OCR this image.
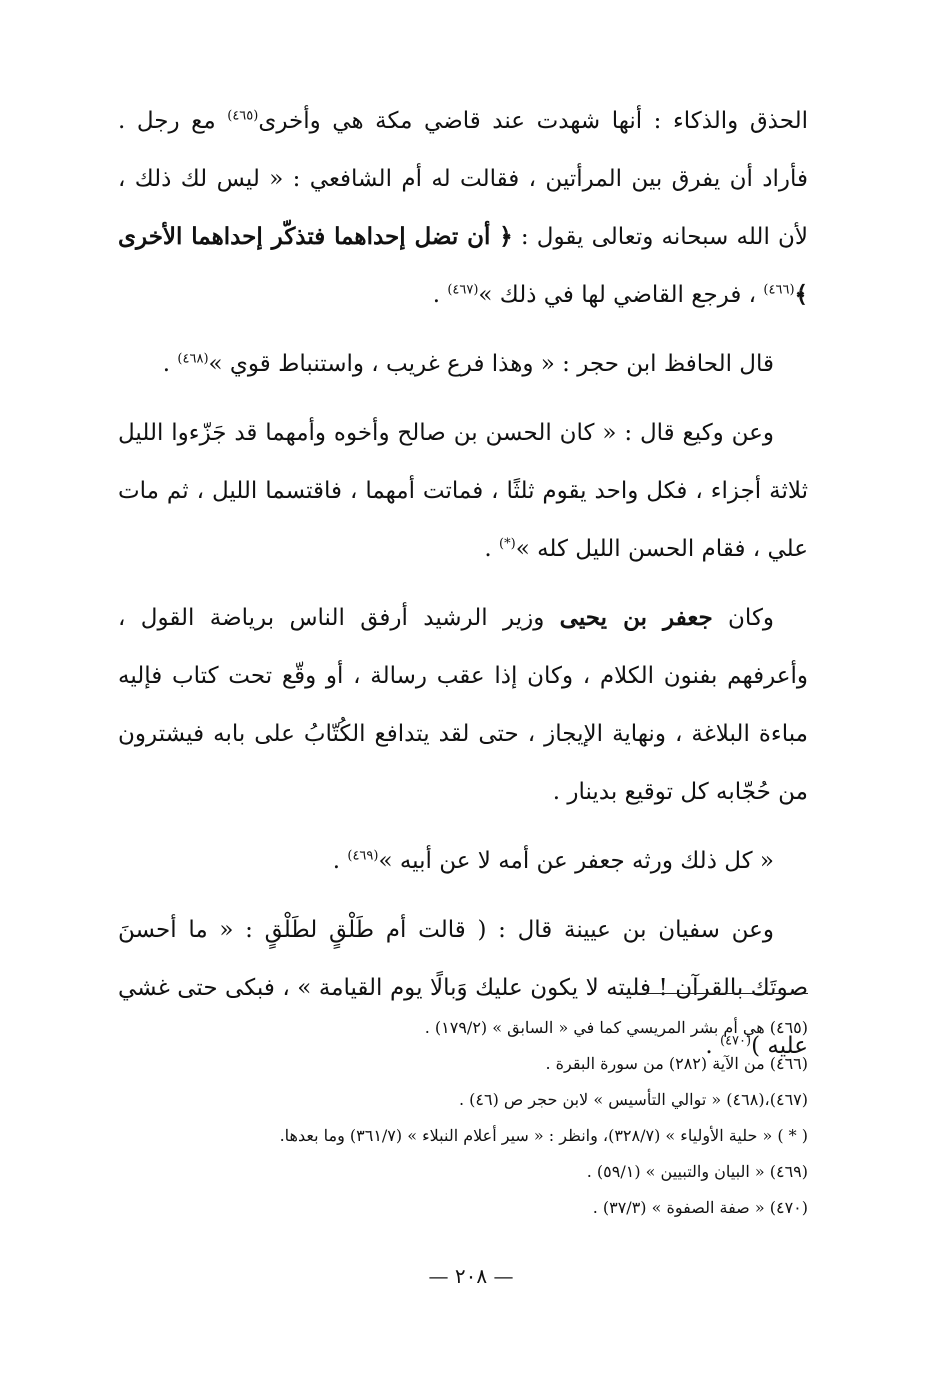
الحذق والذكاء : أنها شهدت عند قاضي مكة هي وأخرى$^{(٤٦٥)}$ مع رجل . فأراد أن يفرق بين المرأتين ، فقالت له أم الشافعي : « ليس لك ذلك ، لأن الله سبحانه وتعالى يقول : ﴿ أن تضل إحداهما فتذكّر إحداهما الأخرى ﴾$^{(٤٦٦)}$ ، فرجع القاضي لها في ذلك »$^{(٤٦٧)}$ .

قال الحافظ ابن حجر : « وهذا فرع غريب ، واستنباط قوي »$^{(٤٦٨)}$ .

وعن وكيع قال : « كان الحسن بن صالح وأخوه وأمهما قد جَزّءوا الليل ثلاثة أجزاء ، فكل واحد يقوم ثلثًا ، فماتت أمهما ، فاقتسما الليل ، ثم مات علي ، فقام الحسن الليل كله »(*) .

وكان جعفر بن يحيى وزير الرشيد أرفق الناس برياضة القول ، وأعرفهم بفنون الكلام ، وكان إذا عقب رسالة ، أو وقّع تحت كتاب فإليه مباءة البلاغة ، ونهاية الإيجاز ، حتى لقد يتدافع الكُتّابُ على بابه فيشترون من حُجّابه كل توقيع بدينار .

« كل ذلك ورثه جعفر عن أمه لا عن أبيه »$^{(٤٦٩)}$ .

وعن سفيان بن عيينة قال : ( قالت أم طَلْقٍ لطَلْقٍ : « ما أحسنَ صوتَك بالقرآن ! فليته لا يكون عليك وَبالًا يوم القيامة » ، فبكى حتى غشي عليه )$^{(٤٧٠)}$ .

(٤٦٥) هي أم بشر المريسي كما في « السابق » (١٧٩/٢) .
(٤٦٦) من الآية (٢٨٢) من سورة البقرة .
(٤٦٧)،(٤٦٨) « توالي التأسيس » لابن حجر ص (٤٦) .
( * ) « حلية الأولياء » (٣٢٨/٧)، وانظر : « سير أعلام النبلاء » (٣٦١/٧) وما بعدها.
(٤٦٩) « البيان والتبيين » (٥٩/١) .
(٤٧٠) « صفة الصفوة » (٣٧/٣) .
— ٢٠٨ —
